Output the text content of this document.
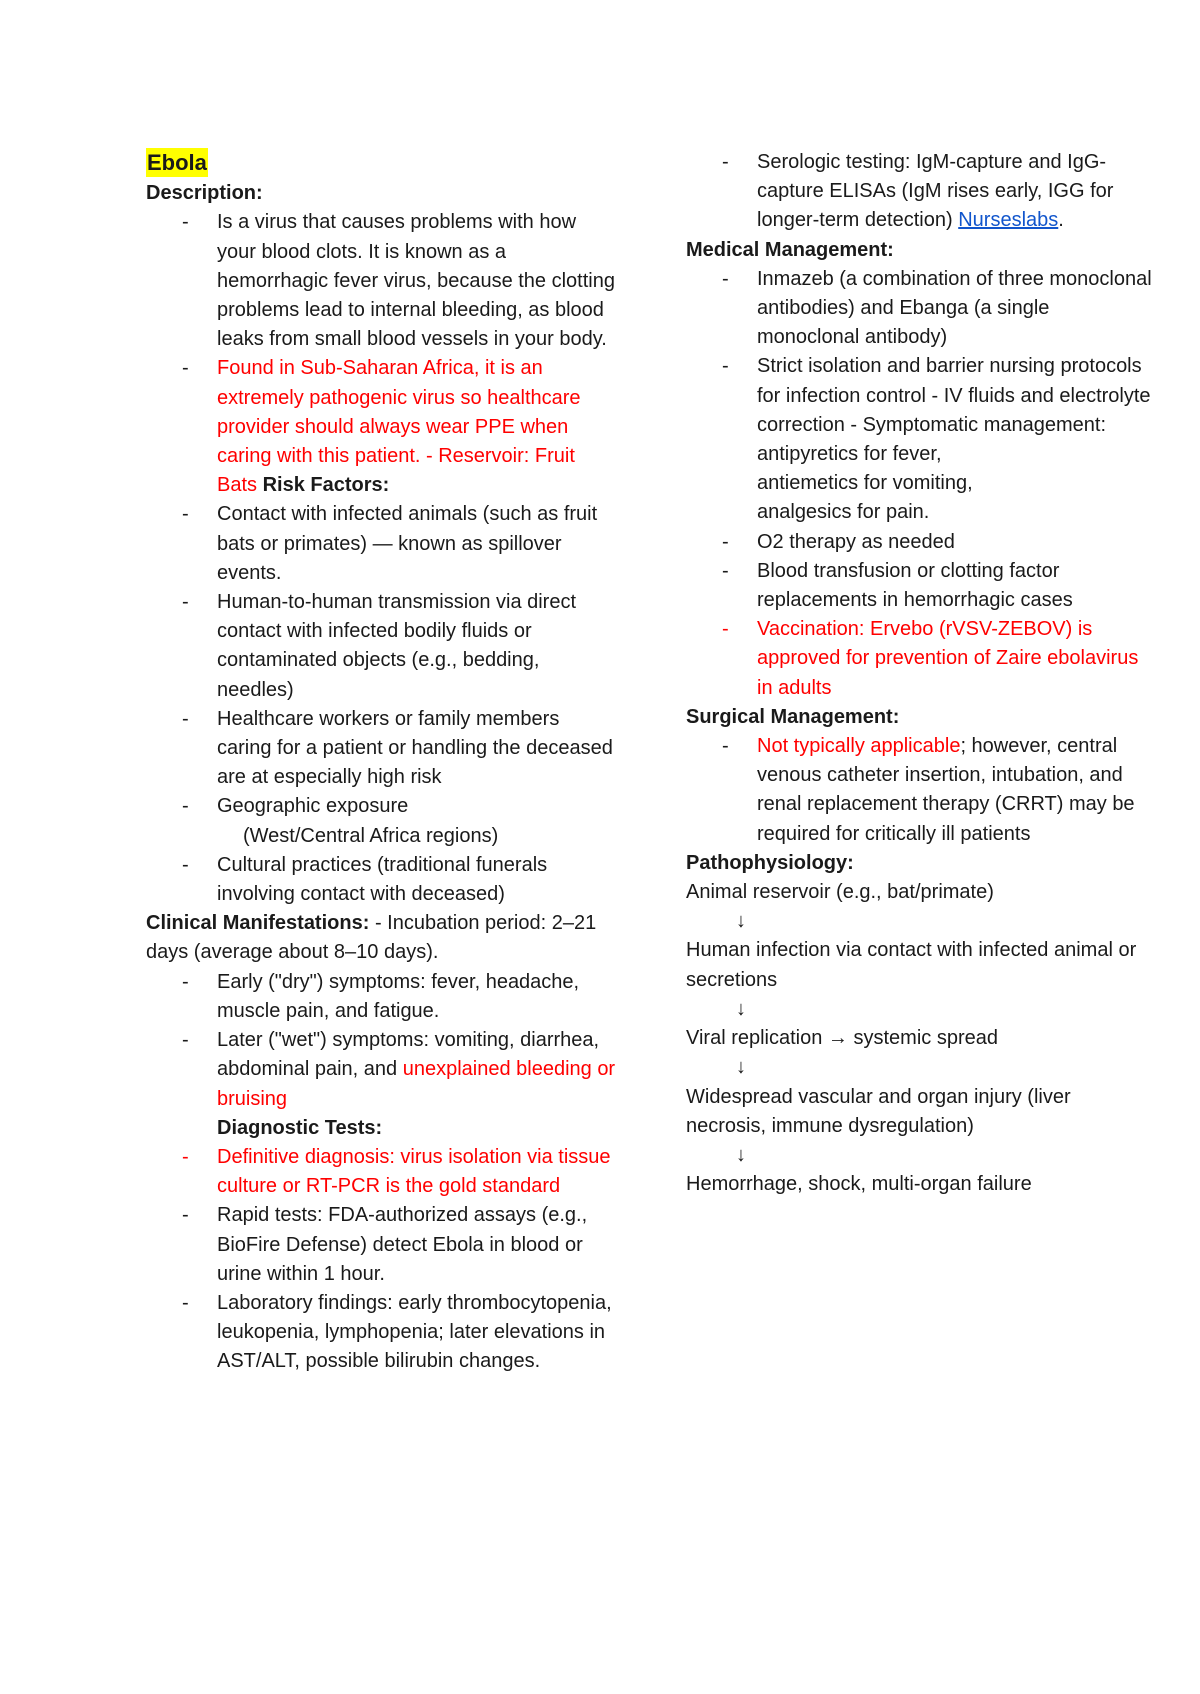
Ebola

Description:

- Is a virus that causes problems with how your blood clots. It is known as a hemorrhagic fever virus, because the clotting problems lead to internal bleeding, as blood leaks from small blood vessels in your body.
- Found in Sub-Saharan Africa, it is an extremely pathogenic virus so healthcare provider should always wear PPE when caring with this patient. - Reservoir: Fruit Bats Risk Factors:
- Contact with infected animals (such as fruit bats or primates) — known as spillover events.
- Human-to-human transmission via direct contact with infected bodily fluids or contaminated objects (e.g., bedding, needles)
- Healthcare workers or family members caring for a patient or handling the deceased are at especially high risk
- Geographic exposure
(West/Central Africa regions)
- Cultural practices (traditional funerals involving contact with deceased)

Clinical Manifestations: - Incubation period: 2–21 days (average about 8–10 days).

- Early ("dry") symptoms: fever, headache, muscle pain, and fatigue.
- Later ("wet") symptoms: vomiting, diarrhea, abdominal pain, and unexplained bleeding or bruising
Diagnostic Tests:
- Definitive diagnosis: virus isolation via tissue culture or RT-PCR is the gold standard
- Rapid tests: FDA-authorized assays (e.g., BioFire Defense) detect Ebola in blood or urine within 1 hour.
- Laboratory findings: early thrombocytopenia, leukopenia, lymphopenia; later elevations in AST/ALT, possible bilirubin changes.
- Serologic testing: IgM-capture and IgG-capture ELISAs (IgM rises early, IGG for longer-term detection) Nurseslabs.

Medical Management:

- Inmazeb (a combination of three monoclonal antibodies) and Ebanga (a single monoclonal antibody)
- Strict isolation and barrier nursing protocols for infection control - IV fluids and electrolyte correction - Symptomatic management:
antipyretics for fever,
antiemetics for vomiting,
analgesics for pain.
- O2 therapy as needed
- Blood transfusion or clotting factor replacements in hemorrhagic cases
- Vaccination: Ervebo (rVSV-ZEBOV) is approved for prevention of Zaire ebolavirus in adults

Surgical Management:

- Not typically applicable; however, central venous catheter insertion, intubation, and renal replacement therapy (CRRT) may be required for critically ill patients

Pathophysiology:

Animal reservoir (e.g., bat/primate)

↓

Human infection via contact with infected animal or secretions

↓

Viral replication → systemic spread

↓

Widespread vascular and organ injury (liver necrosis, immune dysregulation)

↓

Hemorrhage, shock, multi-organ failure
